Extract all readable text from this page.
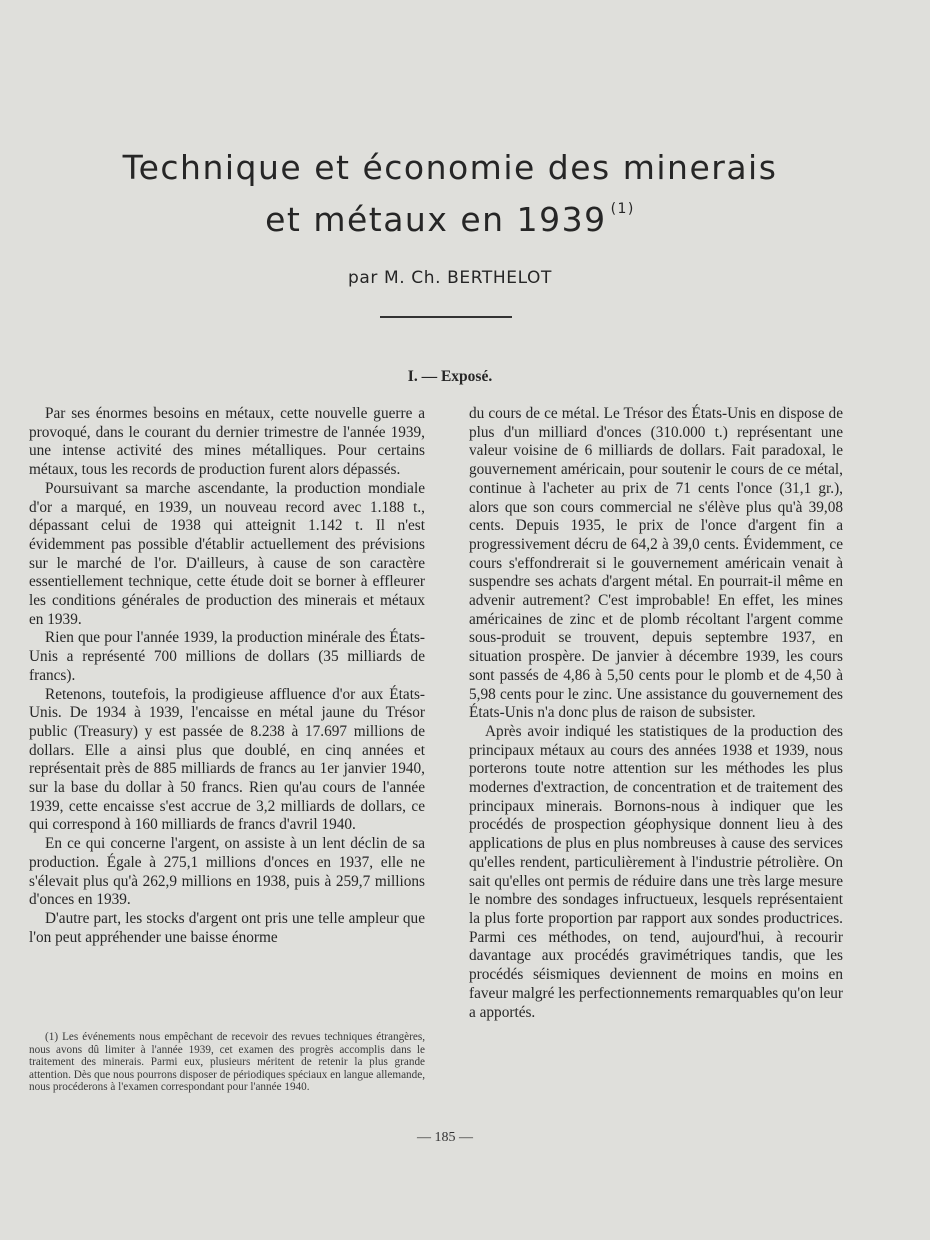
Technique et économie des minerais
et métaux en 1939 $^{(1)}$
par M. Ch. BERTHELOT
I. — Exposé.

Par ses énormes besoins en métaux, cette nouvelle guerre a provoqué, dans le courant du dernier trimestre de l'année 1939, une intense activité des mines métalliques. Pour certains métaux, tous les records de production furent alors dépassés.

Poursuivant sa marche ascendante, la production mondiale d'or a marqué, en 1939, un nouveau record avec 1.188 t., dépassant celui de 1938 qui atteignit 1.142 t. Il n'est évidemment pas possible d'établir actuellement des prévisions sur le marché de l'or. D'ailleurs, à cause de son caractère essentiellement technique, cette étude doit se borner à effleurer les conditions générales de production des minerais et métaux en 1939.

Rien que pour l'année 1939, la production minérale des États-Unis a représenté 700 millions de dollars (35 milliards de francs).

Retenons, toutefois, la prodigieuse affluence d'or aux États-Unis. De 1934 à 1939, l'encaisse en métal jaune du Trésor public (Treasury) y est passée de 8.238 à 17.697 millions de dollars. Elle a ainsi plus que doublé, en cinq années et représentait près de 885 milliards de francs au 1er janvier 1940, sur la base du dollar à 50 francs. Rien qu'au cours de l'année 1939, cette encaisse s'est accrue de 3,2 milliards de dollars, ce qui correspond à 160 milliards de francs d'avril 1940.

En ce qui concerne l'argent, on assiste à un lent déclin de sa production. Égale à 275,1 millions d'onces en 1937, elle ne s'élevait plus qu'à 262,9 millions en 1938, puis à 259,7 millions d'onces en 1939.

D'autre part, les stocks d'argent ont pris une telle ampleur que l'on peut appréhender une baisse énorme

du cours de ce métal. Le Trésor des États-Unis en dispose de plus d'un milliard d'onces (310.000 t.) représentant une valeur voisine de 6 milliards de dollars. Fait paradoxal, le gouvernement américain, pour soutenir le cours de ce métal, continue à l'acheter au prix de 71 cents l'once (31,1 gr.), alors que son cours commercial ne s'élève plus qu'à 39,08 cents. Depuis 1935, le prix de l'once d'argent fin a progressivement décru de 64,2 à 39,0 cents. Évidemment, ce cours s'effondrerait si le gouvernement américain venait à suspendre ses achats d'argent métal. En pourrait-il même en advenir autrement? C'est improbable! En effet, les mines américaines de zinc et de plomb récoltant l'argent comme sous-produit se trouvent, depuis septembre 1937, en situation prospère. De janvier à décembre 1939, les cours sont passés de 4,86 à 5,50 cents pour le plomb et de 4,50 à 5,98 cents pour le zinc. Une assistance du gouvernement des États-Unis n'a donc plus de raison de subsister.

Après avoir indiqué les statistiques de la production des principaux métaux au cours des années 1938 et 1939, nous porterons toute notre attention sur les méthodes les plus modernes d'extraction, de concentration et de traitement des principaux minerais. Bornons-nous à indiquer que les procédés de prospection géophysique donnent lieu à des applications de plus en plus nombreuses à cause des services qu'elles rendent, particulièrement à l'industrie pétrolière. On sait qu'elles ont permis de réduire dans une très large mesure le nombre des sondages infructueux, lesquels représentaient la plus forte proportion par rapport aux sondes productrices. Parmi ces méthodes, on tend, aujourd'hui, à recourir davantage aux procédés gravimétriques tandis, que les procédés séismiques deviennent de moins en moins en faveur malgré les perfectionnements remarquables qu'on leur a apportés.

(1) Les événements nous empêchant de recevoir des revues techniques étrangères, nous avons dû limiter à l'année 1939, cet examen des progrès accomplis dans le traitement des minerais. Parmi eux, plusieurs méritent de retenir la plus grande attention. Dès que nous pourrons disposer de périodiques spéciaux en langue allemande, nous procéderons à l'examen correspondant pour l'année 1940.

— 185 —
